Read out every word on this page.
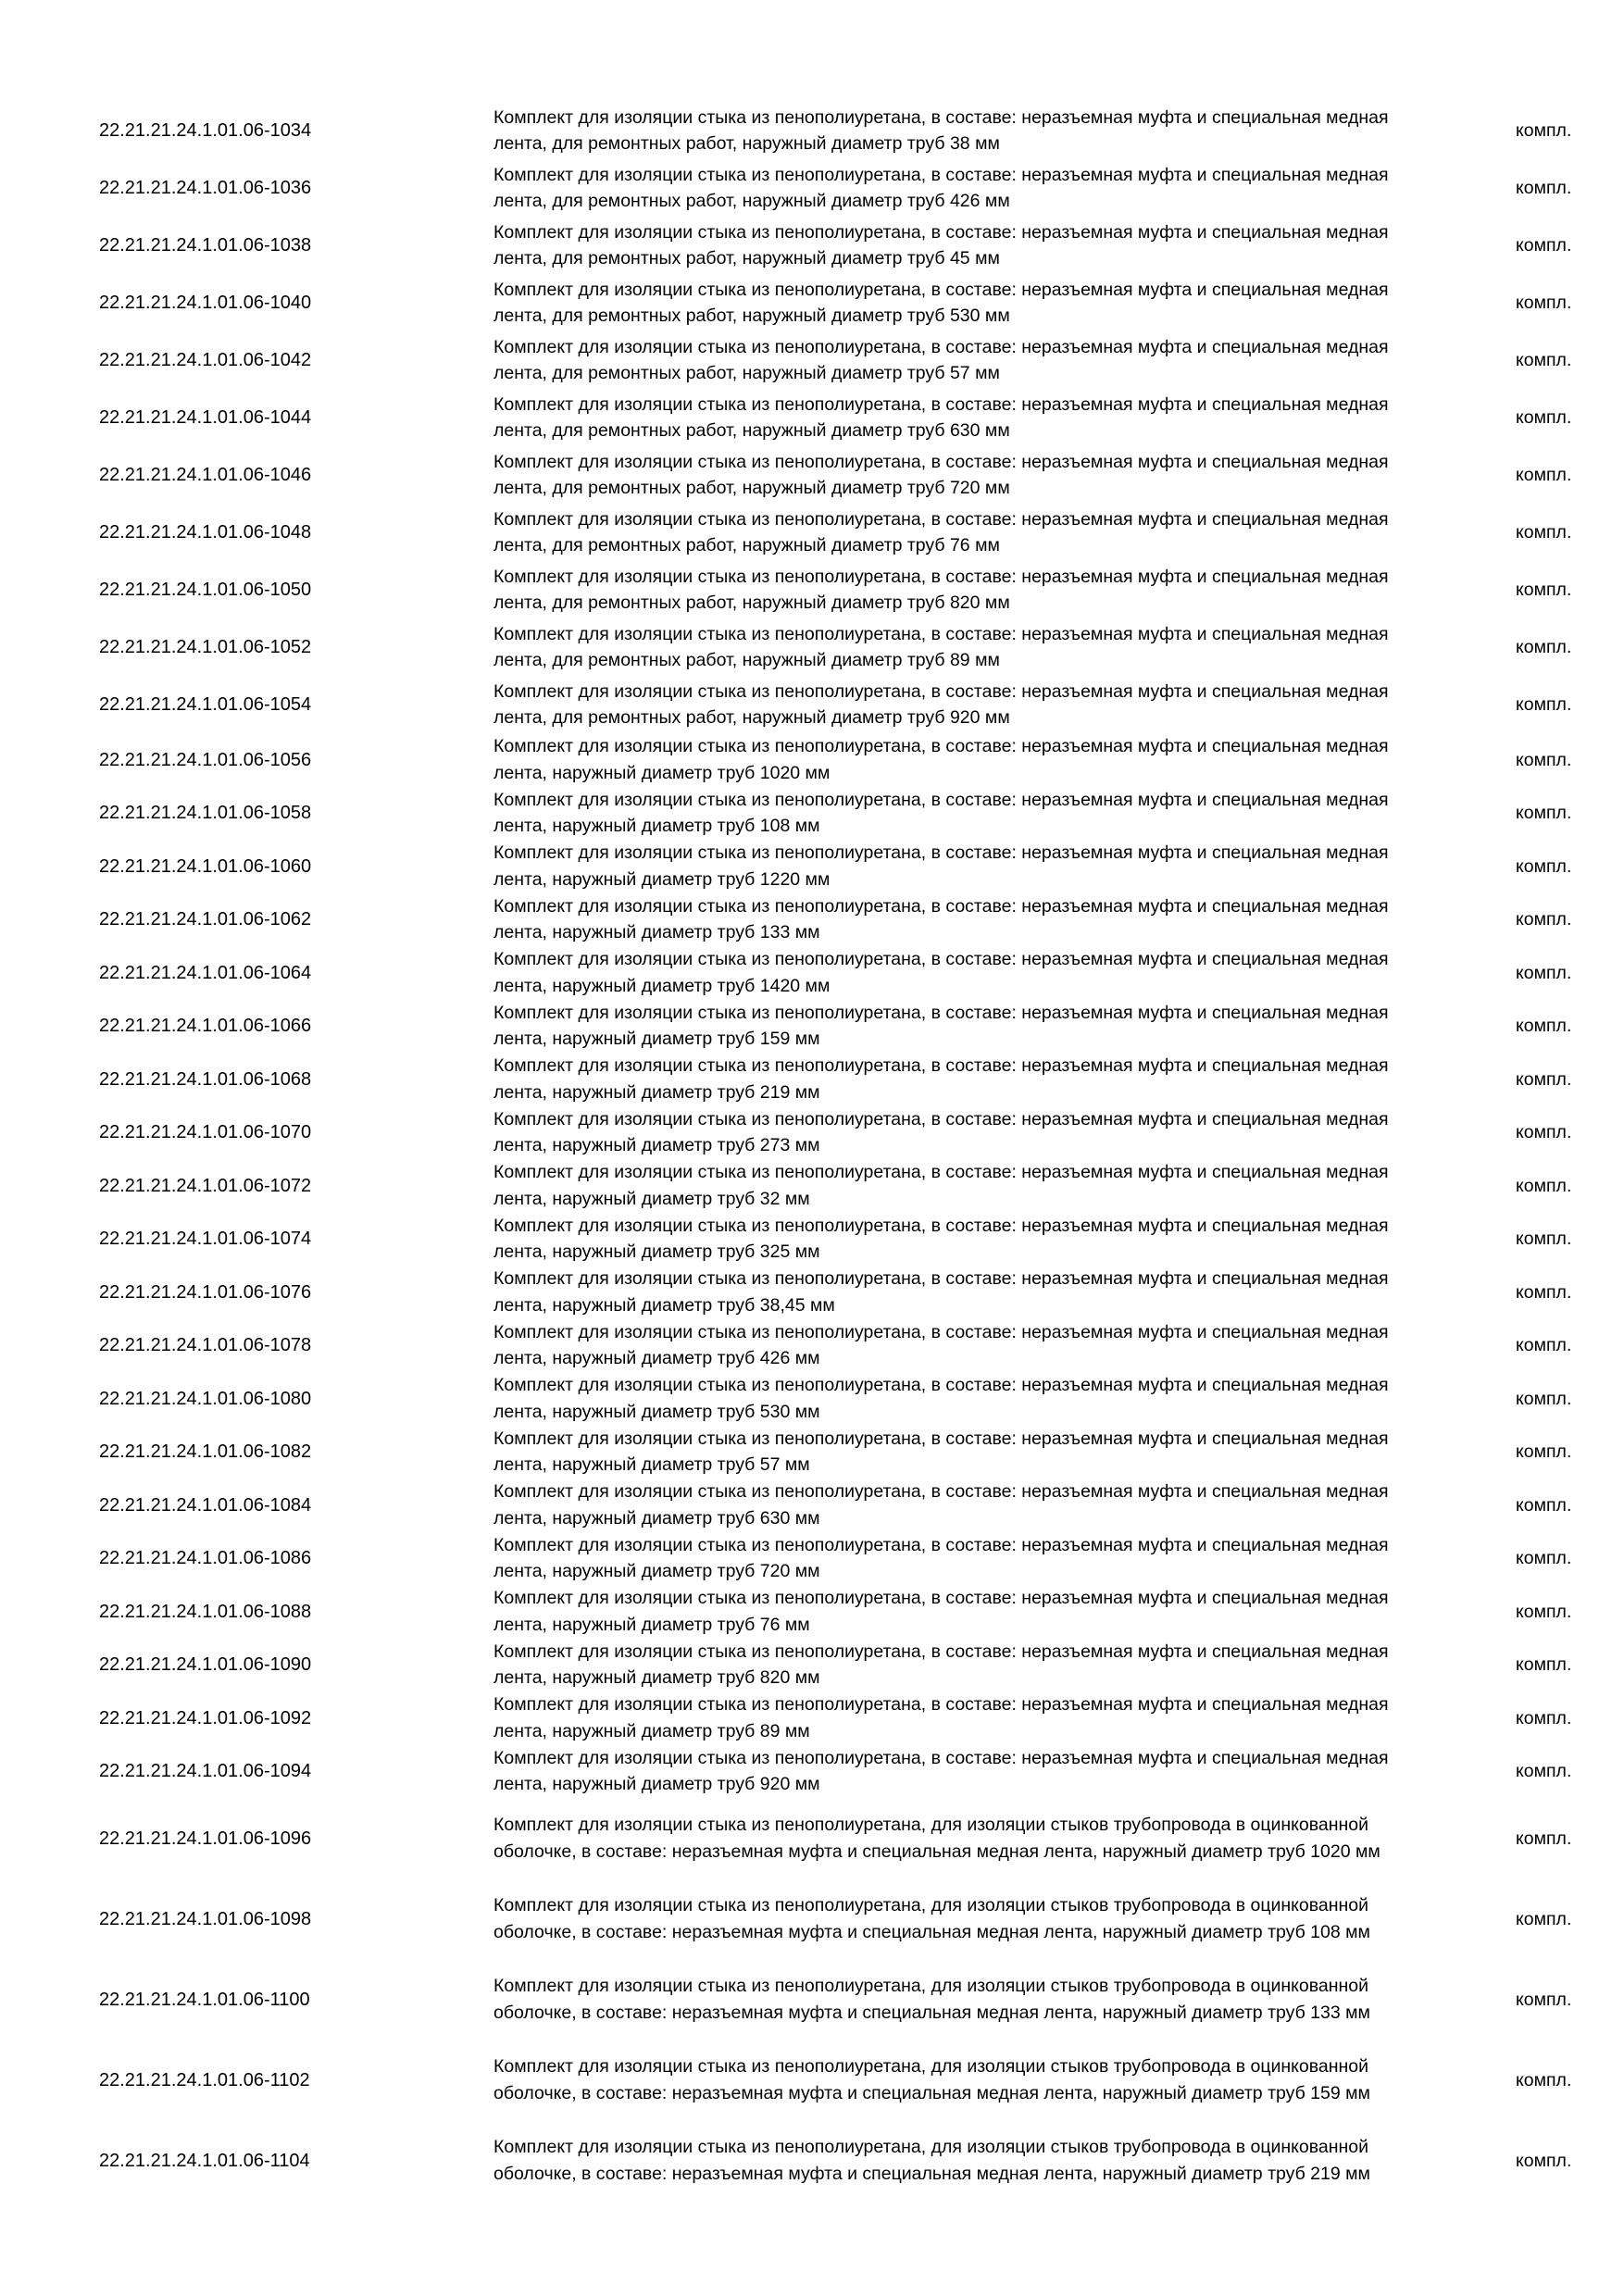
22.21.21.24.1.01.06-1034
Комплект для изоляции стыка из пенополиуретана, в составе: неразъемная муфта и специальная медная лента, для ремонтных работ, наружный диаметр труб 38 мм
компл.
22.21.21.24.1.01.06-1036
Комплект для изоляции стыка из пенополиуретана, в составе: неразъемная муфта и специальная медная лента, для ремонтных работ, наружный диаметр труб 426 мм
компл.
22.21.21.24.1.01.06-1038
Комплект для изоляции стыка из пенополиуретана, в составе: неразъемная муфта и специальная медная лента, для ремонтных работ, наружный диаметр труб 45 мм
компл.
22.21.21.24.1.01.06-1040
Комплект для изоляции стыка из пенополиуретана, в составе: неразъемная муфта и специальная медная лента, для ремонтных работ, наружный диаметр труб 530 мм
компл.
22.21.21.24.1.01.06-1042
Комплект для изоляции стыка из пенополиуретана, в составе: неразъемная муфта и специальная медная лента, для ремонтных работ, наружный диаметр труб 57 мм
компл.
22.21.21.24.1.01.06-1044
Комплект для изоляции стыка из пенополиуретана, в составе: неразъемная муфта и специальная медная лента, для ремонтных работ, наружный диаметр труб 630 мм
компл.
22.21.21.24.1.01.06-1046
Комплект для изоляции стыка из пенополиуретана, в составе: неразъемная муфта и специальная медная лента, для ремонтных работ, наружный диаметр труб 720 мм
компл.
22.21.21.24.1.01.06-1048
Комплект для изоляции стыка из пенополиуретана, в составе: неразъемная муфта и специальная медная лента, для ремонтных работ, наружный диаметр труб 76 мм
компл.
22.21.21.24.1.01.06-1050
Комплект для изоляции стыка из пенополиуретана, в составе: неразъемная муфта и специальная медная лента, для ремонтных работ, наружный диаметр труб 820 мм
компл.
22.21.21.24.1.01.06-1052
Комплект для изоляции стыка из пенополиуретана, в составе: неразъемная муфта и специальная медная лента, для ремонтных работ, наружный диаметр труб 89 мм
компл.
22.21.21.24.1.01.06-1054
Комплект для изоляции стыка из пенополиуретана, в составе: неразъемная муфта и специальная медная лента, для ремонтных работ, наружный диаметр труб 920 мм
компл.
22.21.21.24.1.01.06-1056
Комплект для изоляции стыка из пенополиуретана, в составе: неразъемная муфта и специальная медная лента, наружный диаметр труб 1020 мм
компл.
22.21.21.24.1.01.06-1058
Комплект для изоляции стыка из пенополиуретана, в составе: неразъемная муфта и специальная медная лента, наружный диаметр труб 108 мм
компл.
22.21.21.24.1.01.06-1060
Комплект для изоляции стыка из пенополиуретана, в составе: неразъемная муфта и специальная медная лента, наружный диаметр труб 1220 мм
компл.
22.21.21.24.1.01.06-1062
Комплект для изоляции стыка из пенополиуретана, в составе: неразъемная муфта и специальная медная лента, наружный диаметр труб 133 мм
компл.
22.21.21.24.1.01.06-1064
Комплект для изоляции стыка из пенополиуретана, в составе: неразъемная муфта и специальная медная лента, наружный диаметр труб 1420 мм
компл.
22.21.21.24.1.01.06-1066
Комплект для изоляции стыка из пенополиуретана, в составе: неразъемная муфта и специальная медная лента, наружный диаметр труб 159 мм
компл.
22.21.21.24.1.01.06-1068
Комплект для изоляции стыка из пенополиуретана, в составе: неразъемная муфта и специальная медная лента, наружный диаметр труб 219 мм
компл.
22.21.21.24.1.01.06-1070
Комплект для изоляции стыка из пенополиуретана, в составе: неразъемная муфта и специальная медная лента, наружный диаметр труб 273 мм
компл.
22.21.21.24.1.01.06-1072
Комплект для изоляции стыка из пенополиуретана, в составе: неразъемная муфта и специальная медная лента, наружный диаметр труб 32 мм
компл.
22.21.21.24.1.01.06-1074
Комплект для изоляции стыка из пенополиуретана, в составе: неразъемная муфта и специальная медная лента, наружный диаметр труб 325 мм
компл.
22.21.21.24.1.01.06-1076
Комплект для изоляции стыка из пенополиуретана, в составе: неразъемная муфта и специальная медная лента, наружный диаметр труб 38,45 мм
компл.
22.21.21.24.1.01.06-1078
Комплект для изоляции стыка из пенополиуретана, в составе: неразъемная муфта и специальная медная лента, наружный диаметр труб 426 мм
компл.
22.21.21.24.1.01.06-1080
Комплект для изоляции стыка из пенополиуретана, в составе: неразъемная муфта и специальная медная лента, наружный диаметр труб 530 мм
компл.
22.21.21.24.1.01.06-1082
Комплект для изоляции стыка из пенополиуретана, в составе: неразъемная муфта и специальная медная лента, наружный диаметр труб 57 мм
компл.
22.21.21.24.1.01.06-1084
Комплект для изоляции стыка из пенополиуретана, в составе: неразъемная муфта и специальная медная лента, наружный диаметр труб 630 мм
компл.
22.21.21.24.1.01.06-1086
Комплект для изоляции стыка из пенополиуретана, в составе: неразъемная муфта и специальная медная лента, наружный диаметр труб 720 мм
компл.
22.21.21.24.1.01.06-1088
Комплект для изоляции стыка из пенополиуретана, в составе: неразъемная муфта и специальная медная лента, наружный диаметр труб 76 мм
компл.
22.21.21.24.1.01.06-1090
Комплект для изоляции стыка из пенополиуретана, в составе: неразъемная муфта и специальная медная лента, наружный диаметр труб 820 мм
компл.
22.21.21.24.1.01.06-1092
Комплект для изоляции стыка из пенополиуретана, в составе: неразъемная муфта и специальная медная лента, наружный диаметр труб 89 мм
компл.
22.21.21.24.1.01.06-1094
Комплект для изоляции стыка из пенополиуретана, в составе: неразъемная муфта и специальная медная лента, наружный диаметр труб 920 мм
компл.
22.21.21.24.1.01.06-1096
Комплект для изоляции стыка из пенополиуретана, для изоляции стыков трубопровода в оцинкованной оболочке, в составе: неразъемная муфта и специальная медная лента, наружный диаметр труб 1020 мм
компл.
22.21.21.24.1.01.06-1098
Комплект для изоляции стыка из пенополиуретана, для изоляции стыков трубопровода в оцинкованной оболочке, в составе: неразъемная муфта и специальная медная лента, наружный диаметр труб 108 мм
компл.
22.21.21.24.1.01.06-1100
Комплект для изоляции стыка из пенополиуретана, для изоляции стыков трубопровода в оцинкованной оболочке, в составе: неразъемная муфта и специальная медная лента, наружный диаметр труб 133 мм
компл.
22.21.21.24.1.01.06-1102
Комплект для изоляции стыка из пенополиуретана, для изоляции стыков трубопровода в оцинкованной оболочке, в составе: неразъемная муфта и специальная медная лента, наружный диаметр труб 159 мм
компл.
22.21.21.24.1.01.06-1104
Комплект для изоляции стыка из пенополиуретана, для изоляции стыков трубопровода в оцинкованной оболочке, в составе: неразъемная муфта и специальная медная лента, наружный диаметр труб 219 мм
компл.
